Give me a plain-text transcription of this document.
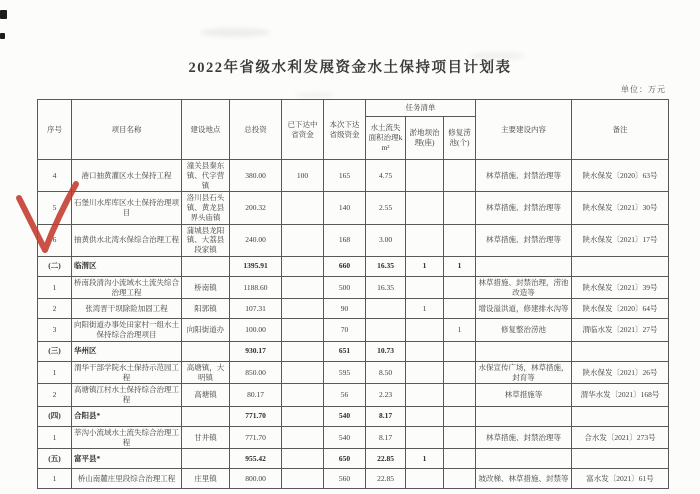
2022年省级水利发展资金水土保持项目计划表
单位：万元
序号	项目名称	建设地点	总投资	已下达中省资金	本次下达省级资金	任务清单			主要建设内容	备注
						水土流失面积治理km²	淤地坝治理(座)	修复涝池(个)		
4	港口抽黄灌区水土保持工程	潼关县秦东镇、代字营镇	380.00	100	165	4.75			林草措施、封禁治理等	陕水保发〔2020〕63号
5	石堡川水库库区水土保持治理项目	洛川县石头镇、黄龙县界头庙镇	200.32		140	2.55			林草措施、封禁治理等	陕水保发〔2021〕30号
6	抽黄供水北湾水保综合治理工程	蒲城县龙阳镇、大荔县段家镇	240.00		168	3.00			林草措施、封禁治理等	陕水保发〔2021〕17号
(二)	临渭区		1395.91		660	16.35	1	1		
1	桥南段清沟小流域水土流失综合治理工程	桥南镇	1188.60		500	16.35			林草措施、封禁治理，涝池改造等	陕水保发〔2021〕39号
2	张湾晋干坝除险加固工程	阳郭镇	107.31		90		1		增设溢洪道，修建排水沟等	陕水保发〔2020〕64号
3	向阳街道办事处田家村一组水土保持综合治理项目	向阳街道办	100.00		70			1	修复整治涝池	渭临水发〔2021〕27号
(三)	华州区		930.17		651	10.73				
1	渭华干部学院水土保持示范园工程	高塘镇，大明镇	850.00		595	8.50			水保宣传广场，林草措施，封育等	陕水保发〔2021〕26号
2	高塘镇江村水土保持综合治理工程	高塘镇	80.17		56	2.23			林草措施等	渭华水发〔2021〕168号
(四)	合阳县*		771.70		540	8.17				
1	莘沟小流域水土流失综合治理工程	甘井镇	771.70		540	8.17			林草措施、封禁治理等	合水发〔2021〕273号
(五)	富平县*		955.42		650	22.85	1			
1	桥山南麓庄里段综合治理工程	庄里镇	800.00		560	22.85			坡改梯、林草措施、封禁等	富水发〔2021〕61号
